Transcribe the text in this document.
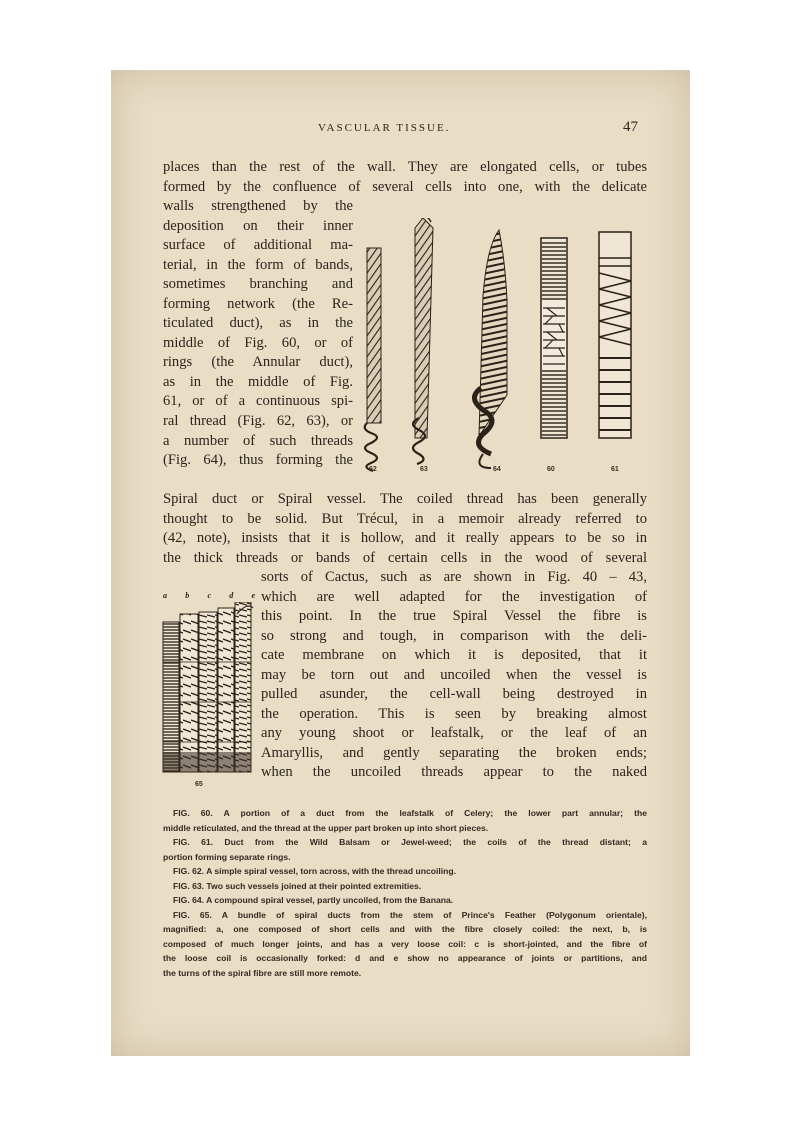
VASCULAR TISSUE.	47
places than the rest of the wall. They are elongated cells, or tubes
formed by the confluence of several cells into one, with the delicate
walls strengthened by the
deposition on their inner
surface of additional ma-
terial, in the form of bands,
sometimes branching and
forming network (the Re-
ticulated duct), as in the
middle of Fig. 60, or of
rings (the Annular duct),
as in the middle of Fig.
61, or of a continuous spi-
ral thread (Fig. 62, 63), or
a number of such threads
(Fig. 64), thus forming the
62	63	64	60	61
Spiral duct or Spiral vessel. The coiled thread has been generally
thought to be solid. But Trécul, in a memoir already referred to
(42, note), insists that it is hollow, and it really appears to be so in
the thick threads or bands of certain cells in the wood of several
a b c d e
65
sorts of Cactus, such as are shown in Fig. 40 – 43,
which are well adapted for the investigation of
this point. In the true Spiral Vessel the fibre is
so strong and tough, in comparison with the deli-
cate membrane on which it is deposited, that it
may be torn out and uncoiled when the vessel is
pulled asunder, the cell-wall being destroyed in
the operation. This is seen by breaking almost
any young shoot or leafstalk, or the leaf of an
Amaryllis, and gently separating the broken ends;
when the uncoiled threads appear to the naked
FIG. 60. A portion of a duct from the leafstalk of Celery; the lower part annular; the
middle reticulated, and the thread at the upper part broken up into short pieces.
FIG. 61. Duct from the Wild Balsam or Jewel-weed; the coils of the thread distant; a
portion forming separate rings.
FIG. 62. A simple spiral vessel, torn across, with the thread uncoiling.
FIG. 63. Two such vessels joined at their pointed extremities.
FIG. 64. A compound spiral vessel, partly uncoiled, from the Banana.
FIG. 65. A bundle of spiral ducts from the stem of Prince's Feather (Polygonum orientale),
magnified: a, one composed of short cells and with the fibre closely coiled: the next, b, is
composed of much longer joints, and has a very loose coil: c is short-jointed, and the fibre of
the loose coil is occasionally forked: d and e show no appearance of joints or partitions, and
the turns of the spiral fibre are still more remote.
